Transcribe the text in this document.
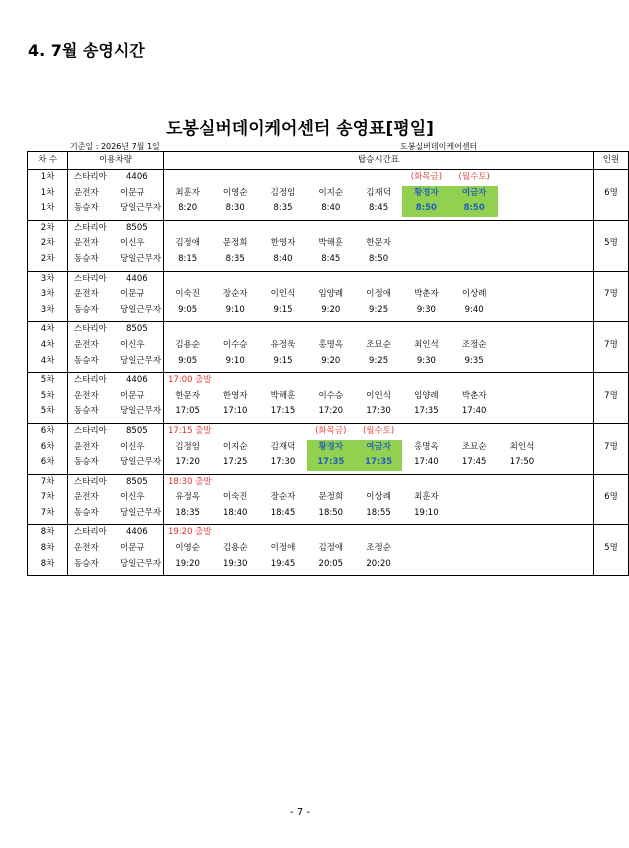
4. 7월 송영시간
도봉실버데이케어센터 송영표[평일]
기준일 : 2026년 7월 1일	도봉실버데이케어센터
차 수	이용차량	탑승시간표									인원
1차	스타리아 4406						(화목금)	(월수토)			
1차	운전자 이문규	최훈자	이영순	김정임	이지순	김재덕	황경자	여금자			6명
1차	동승자 당일근무자	8:20	8:30	8:35	8:40	8:45	8:50	8:50			

2차	스타리아 8505										
2차	운전자 이신우	김정애	문정희	한영자	박해훈	한문자					5명
2차	동승자 당일근무자	8:15	8:35	8:40	8:45	8:50					

3차	스타리아 4406										
3차	운전자 이문규	이숙진	장순자	이인식	임양례	이정애	박춘자	이상례			7명
3차	동승자 당일근무자	9:05	9:10	9:15	9:20	9:25	9:30	9:40			

4차	스타리아 8505										
4차	운전자 이신우	김용순	이수승	유정욱	홍명옥	조묘순	최인석	조정순			7명
4차	동승자 당일근무자	9:05	9:10	9:15	9:20	9:25	9:30	9:35			

5차	스타리아 4406	17:00 출발									
5차	운전자 이문규	한문자	한영자	박해훈	이수승	이인식	임양례	박춘자			7명
5차	동승자 당일근무자	17:05	17:10	17:15	17:20	17:30	17:35	17:40			

6차	스타리아 8505	17:15 출발			(화목금)	(월수토)					
6차	운전자 이신우	김정임	이지순	김재덕	황경자	여금자	홍명옥	조묘순	최인석		7명
6차	동승자 당일근무자	17:20	17:25	17:30	17:35	17:35	17:40	17:45	17:50		

7차	스타리아 8505	18:30 출발									
7차	운전자 이신우	유정옥	이숙진	장순자	문정희	이상례	최훈자				6명
7차	동승자 당일근무자	18:35	18:40	18:45	18:50	18:55	19:10				

8차	스타리아 4406	19:20 출발									
8차	운전자 이문규	이영순	김용순	이정애	김정애	조정순					5명
8차	동승자 당일근무자	19:20	19:30	19:45	20:05	20:20					

- 7 -
